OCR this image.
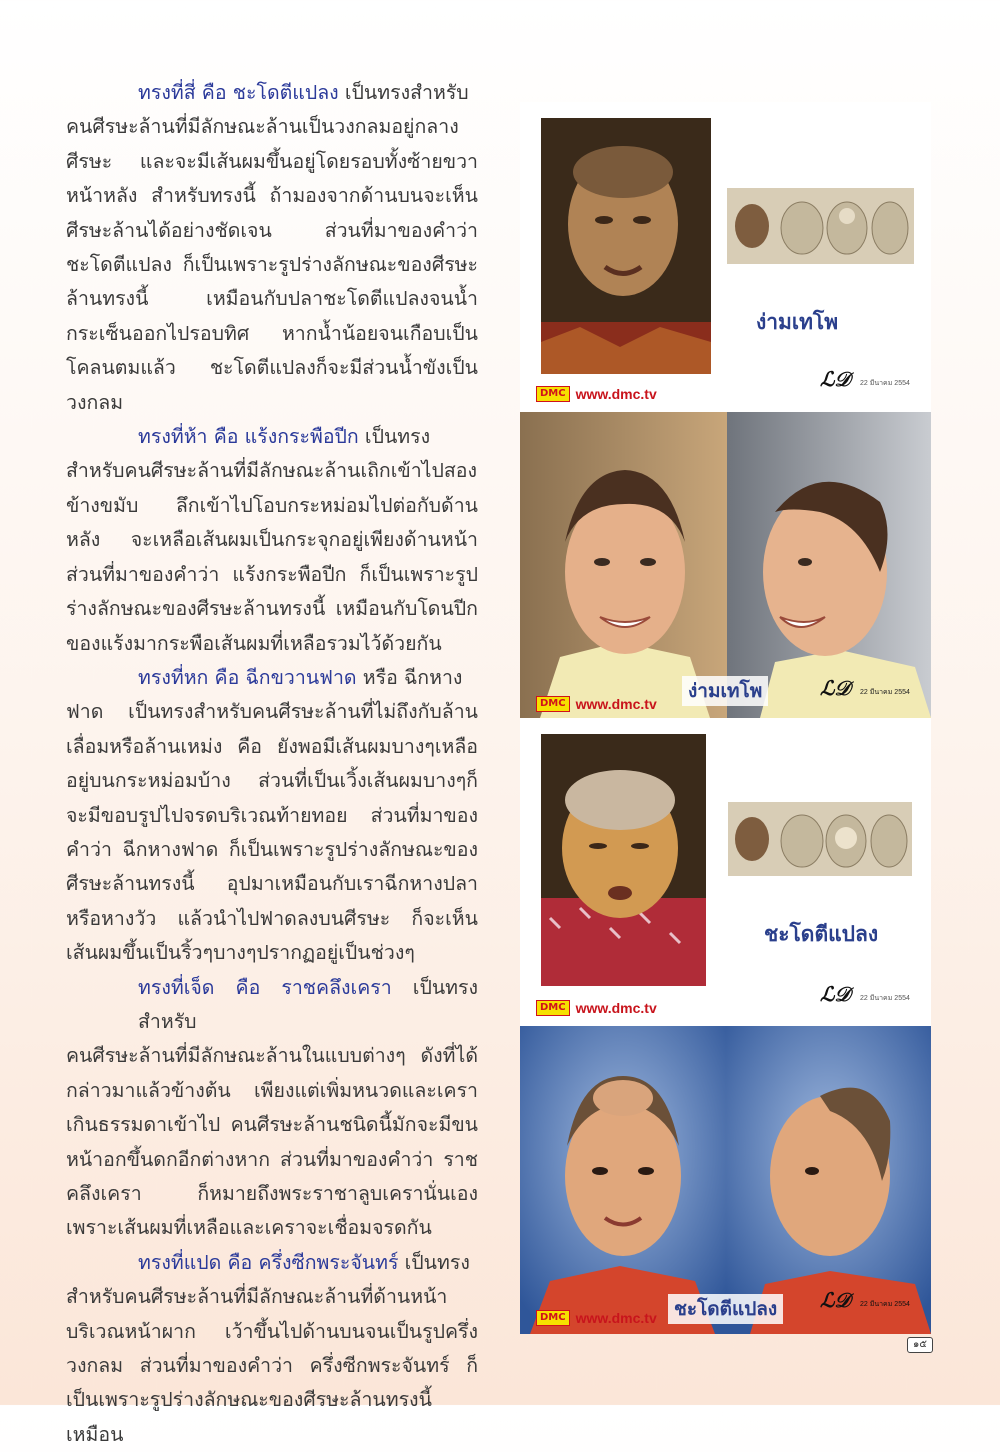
ทรงที่สี่ คือ ชะโดตีแปลง เป็นทรงสำหรับ
คนศีรษะล้านที่มีลักษณะล้านเป็นวงกลมอยู่กลางศีรษะ และจะมีเส้นผมขึ้นอยู่โดยรอบทั้งซ้ายขวาหน้าหลัง สำหรับทรงนี้ ถ้ามองจากด้านบนจะเห็นศีรษะล้านได้อย่างชัดเจน ส่วนที่มาของคำว่า ชะโดตีแปลง ก็เป็นเพราะรูปร่างลักษณะของศีรษะล้านทรงนี้ เหมือนกับปลาชะโดตีแปลงจนน้ำกระเซ็นออกไปรอบทิศ หากน้ำน้อยจนเกือบเป็นโคลนตมแล้ว ชะโดตีแปลงก็จะมีส่วนน้ำขังเป็นวงกลม

ทรงที่ห้า คือ แร้งกระพือปีก เป็นทรง
สำหรับคนศีรษะล้านที่มีลักษณะล้านเถิกเข้าไปสองข้างขมับ ลึกเข้าไปโอบกระหม่อมไปต่อกับด้านหลัง จะเหลือเส้นผมเป็นกระจุกอยู่เพียงด้านหน้า ส่วนที่มาของคำว่า แร้งกระพือปีก ก็เป็นเพราะรูปร่างลักษณะของศีรษะล้านทรงนี้ เหมือนกับโดนปีกของแร้งมากระพือเส้นผมที่เหลือรวมไว้ด้วยกัน

ทรงที่หก คือ ฉีกขวานฟาด หรือ ฉีกหาง
ฟาด เป็นทรงสำหรับคนศีรษะล้านที่ไม่ถึงกับล้านเลื่อมหรือล้านเหม่ง คือ ยังพอมีเส้นผมบางๆเหลืออยู่บนกระหม่อมบ้าง ส่วนที่เป็นเวิ้งเส้นผมบางๆก็จะมีขอบรูปไปจรดบริเวณท้ายทอย ส่วนที่มาของคำว่า ฉีกหางฟาด ก็เป็นเพราะรูปร่างลักษณะของศีรษะล้านทรงนี้ อุปมาเหมือนกับเราฉีกหางปลาหรือหางวัว แล้วนำไปฟาดลงบนศีรษะ ก็จะเห็นเส้นผมขึ้นเป็นริ้วๆบางๆปรากฏอยู่เป็นช่วงๆ

ทรงที่เจ็ด คือ ราชคลึงเครา เป็นทรงสำหรับ
คนศีรษะล้านที่มีลักษณะล้านในแบบต่างๆ ดังที่ได้กล่าวมาแล้วข้างต้น เพียงแต่เพิ่มหนวดและเคราเกินธรรมดาเข้าไป คนศีรษะล้านชนิดนี้มักจะมีขนหน้าอกขึ้นดกอีกต่างหาก ส่วนที่มาของคำว่า ราชคลึงเครา ก็หมายถึงพระราชาลูบเครานั่นเองเพราะเส้นผมที่เหลือและเคราจะเชื่อมจรดกัน

ทรงที่แปด คือ ครึ่งซีกพระจันทร์ เป็นทรง
สำหรับคนศีรษะล้านที่มีลักษณะล้านที่ด้านหน้าบริเวณหน้าผาก เว้าขึ้นไปด้านบนจนเป็นรูปครึ่งวงกลม ส่วนที่มาของคำว่า ครึ่งซีกพระจันทร์ ก็เป็นเพราะรูปร่างลักษณะของศีรษะล้านทรงนี้ เหมือน

ง่ามเทโพ
DMC www.dmc.tv
ℒ𝒟 22 มีนาคม 2554
ง่ามเทโพ
DMC www.dmc.tv
ℒ𝒟 22 มีนาคม 2554
ชะโดตีแปลง
DMC www.dmc.tv
ℒ𝒟 22 มีนาคม 2554
ชะโดตีแปลง
DMC www.dmc.tv
ℒ𝒟 22 มีนาคม 2554
๑๕
